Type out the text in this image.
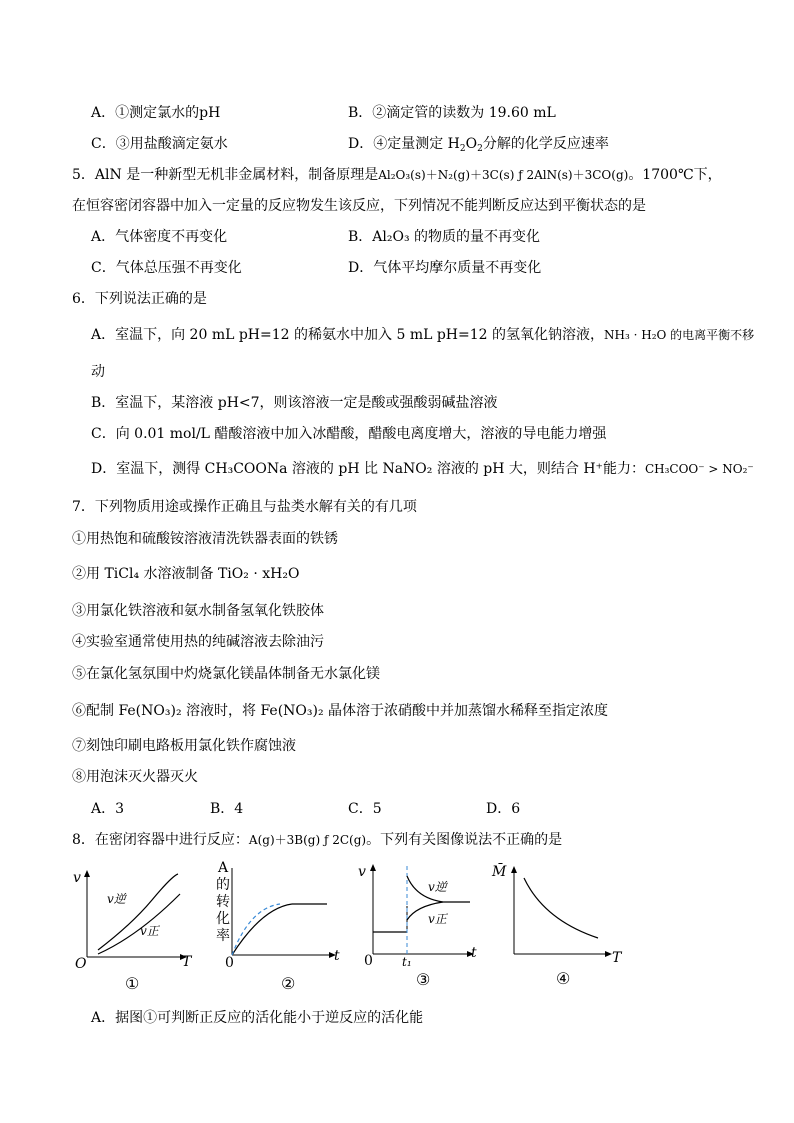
A．①测定氯水的pH	B．②滴定管的读数为 19.60 mL
C．③用盐酸滴定氨水	D．④定量测定 $H_2O_2$分解的化学反应速率
5．AlN 是一种新型无机非金属材料，制备原理是Al₂O₃(s)＋N₂(g)＋3C(s) ƒ 2AlN(s)＋3CO(g)。1700℃下，
在恒容密闭容器中加入一定量的反应物发生该反应，下列情况不能判断反应达到平衡状态的是
A．气体密度不再变化	B．Al₂O₃ 的物质的量不再变化
C．气体总压强不再变化	D．气体平均摩尔质量不再变化
6．下列说法正确的是
A．室温下，向 20 mL pH=12 的稀氨水中加入 5 mL pH=12 的氢氧化钠溶液，NH₃ · H₂O 的电离平衡不移
动
B．室温下，某溶液 pH<7，则该溶液一定是酸或强酸弱碱盐溶液
C．向 0.01 mol/L 醋酸溶液中加入冰醋酸，醋酸电离度增大，溶液的导电能力增强
D．室温下，测得 CH₃COONa 溶液的 pH 比 NaNO₂ 溶液的 pH 大，则结合 H⁺能力：CH₃COO⁻ > NO₂⁻
7．下列物质用途或操作正确且与盐类水解有关的有几项
①用热饱和硫酸铵溶液清洗铁器表面的铁锈
②用 TiCl₄ 水溶液制备 TiO₂ · xH₂O
③用氯化铁溶液和氨水制备氢氧化铁胶体
④实验室通常使用热的纯碱溶液去除油污
⑤在氯化氢氛围中灼烧氯化镁晶体制备无水氯化镁
⑥配制 Fe(NO₃)₂ 溶液时，将 Fe(NO₃)₂ 晶体溶于浓硝酸中并加蒸馏水稀释至指定浓度
⑦刻蚀印刷电路板用氯化铁作腐蚀液
⑧用泡沫灭火器灭火
A．3	B．4	C．5	D．6
8．在密闭容器中进行反应：A(g)＋3B(g) ƒ 2C(g)。下列有关图像说法不正确的是
v
T
O
v逆
v正
①
A
的
转
化
率
t
0
②
v
t
0 t₁
v逆
v正
③
M̄
T
④
A．据图①可判断正反应的活化能小于逆反应的活化能
